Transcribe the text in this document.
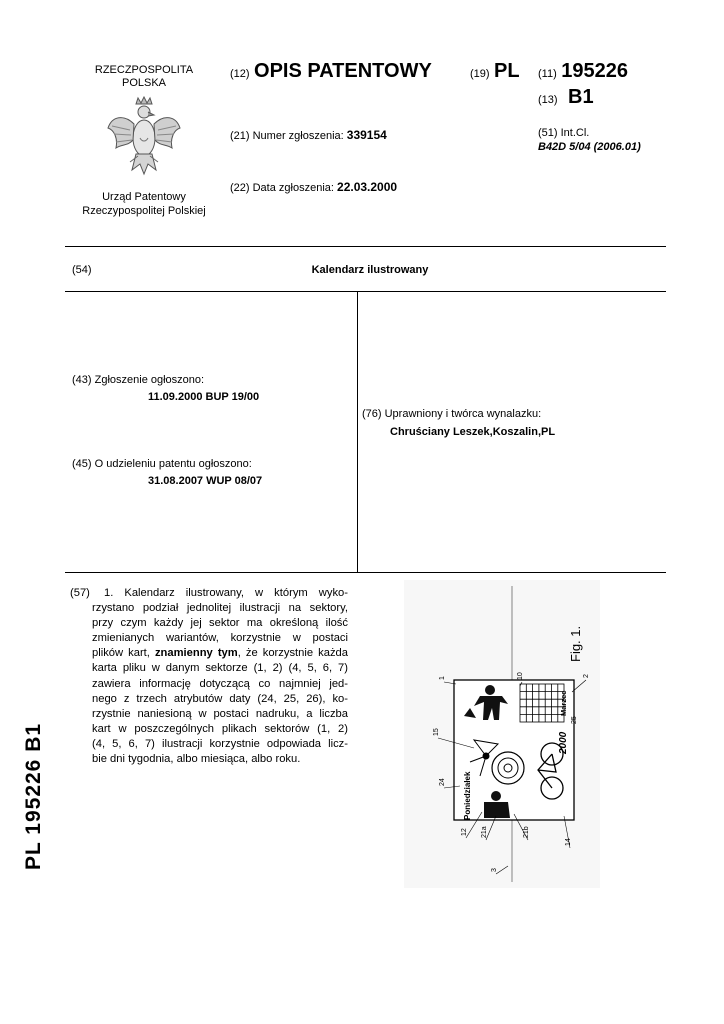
PL 195226 B1
RZECZPOSPOLITA
POLSKA
Urząd Patentowy
Rzeczypospolitej Polskiej
(12) OPIS PATENTOWY	(19) PL (11) 195226
(13) B1
(21) Numer zgłoszenia: 339154
(22) Data zgłoszenia: 22.03.2000
(51) Int.Cl.
B42D 5/04 (2006.01)
(54)	Kalendarz ilustrowany
(43) Zgłoszenie ogłoszono:
11.09.2000 BUP 19/00
(45) O udzieleniu patentu ogłoszono:
31.08.2007 WUP 08/07
(76) Uprawniony i twórca wynalazku:
Chruściany Leszek,Koszalin,PL
(57)	1. Kalendarz ilustrowany, w którym wyko-
rzystano podział jednolitej ilustracji na sektory,
przy czym każdy jej sektor ma określoną ilość
zmienianych wariantów, korzystnie w postaci
plików kart, znamienny tym, że korzystnie każda
karta pliku w danym sektorze (1, 2) (4, 5, 6, 7)
zawiera informację dotyczącą co najmniej jed-
nego z trzech atrybutów daty (24, 25, 26), ko-
rzystnie naniesioną w postaci nadruku, a liczba
kart w poszczególnych plikach sektorów (1, 2)
(4, 5, 6, 7) ilustracji korzystnie odpowiada licz-
bie dni tygodnia, albo miesiąca, albo roku.
Poniedziałek
2000
Marzec
Fig. 1.
1	10	2
25
15
24
12 21a	21b
14
3
